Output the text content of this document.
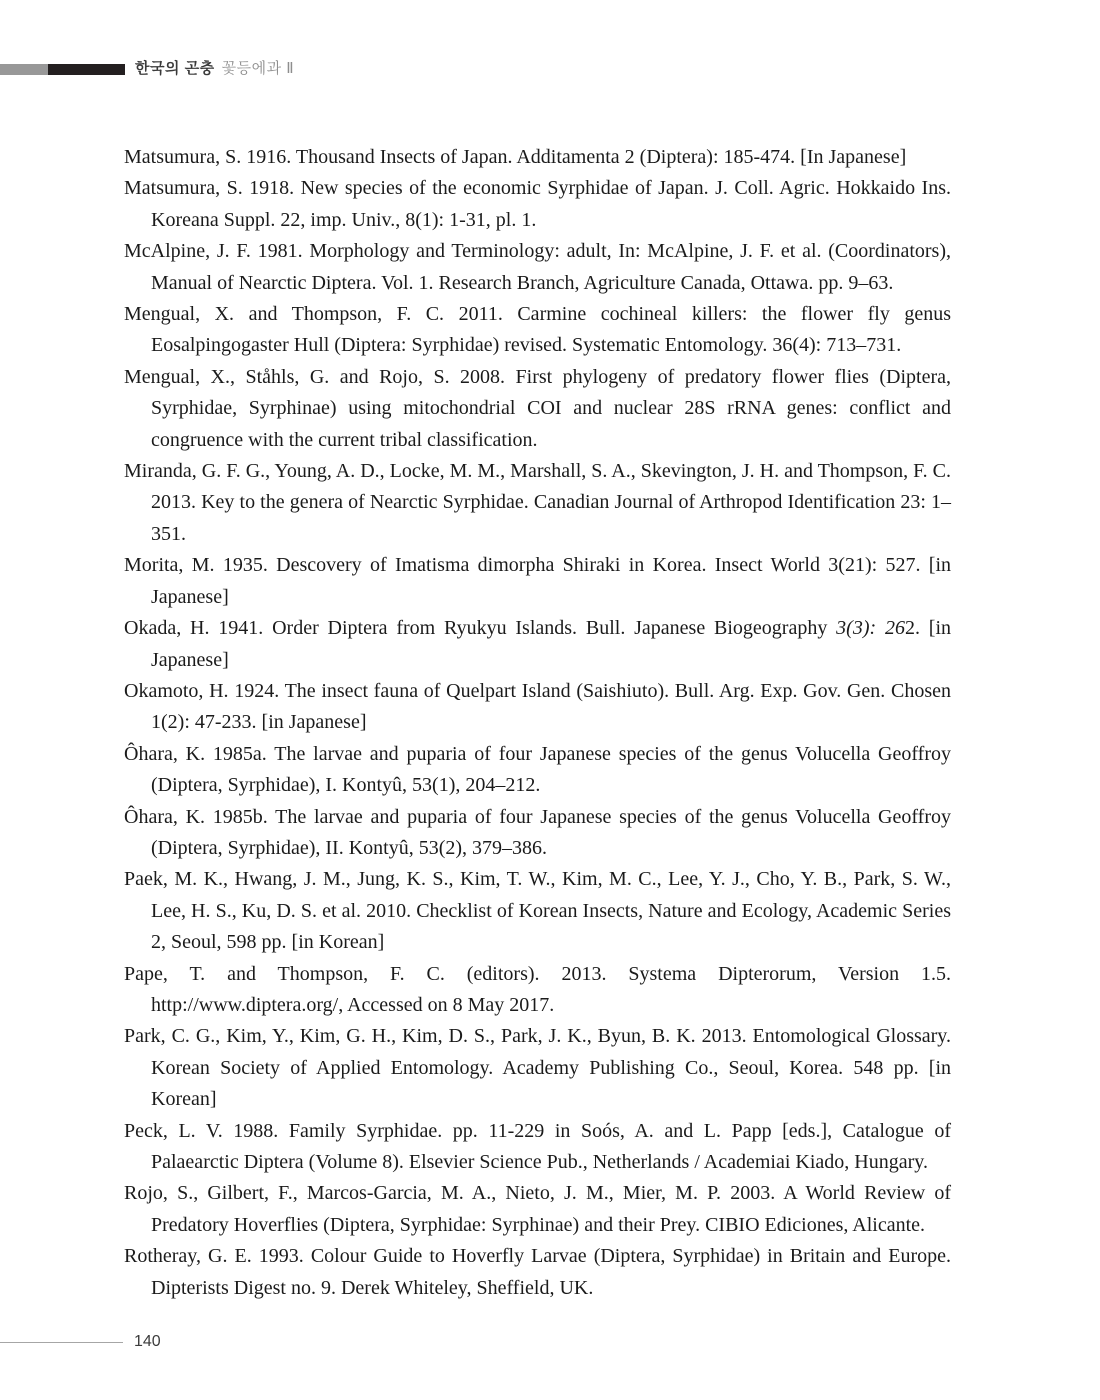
한국의 곤충 꽃등에과 Ⅱ

Matsumura, S. 1916. Thousand Insects of Japan. Additamenta 2 (Diptera): 185-474. [In Japanese]

Matsumura, S. 1918. New species of the economic Syrphidae of Japan. J. Coll. Agric. Hokkaido Ins. Koreana Suppl. 22, imp. Univ., 8(1): 1-31, pl. 1.

McAlpine, J. F. 1981. Morphology and Terminology: adult, In: McAlpine, J. F. et al. (Coordinators), Manual of Nearctic Diptera. Vol. 1. Research Branch, Agriculture Canada, Ottawa. pp. 9–63.

Mengual, X. and Thompson, F. C. 2011. Carmine cochineal killers: the flower fly genus Eosalpingogaster Hull (Diptera: Syrphidae) revised. Systematic Entomology. 36(4): 713–731.

Mengual, X., Ståhls, G. and Rojo, S. 2008. First phylogeny of predatory flower flies (Diptera, Syrphidae, Syrphinae) using mitochondrial COI and nuclear 28S rRNA genes: conflict and congruence with the current tribal classification.

Miranda, G. F. G., Young, A. D., Locke, M. M., Marshall, S. A., Skevington, J. H. and Thompson, F. C. 2013. Key to the genera of Nearctic Syrphidae. Canadian Journal of Arthropod Identification 23: 1–351.

Morita, M. 1935. Descovery of Imatisma dimorpha Shiraki in Korea. Insect World 3(21): 527. [in Japanese]

Okada, H. 1941. Order Diptera from Ryukyu Islands. Bull. Japanese Biogeography 3(3): 262. [in Japanese]

Okamoto, H. 1924. The insect fauna of Quelpart Island (Saishiuto). Bull. Arg. Exp. Gov. Gen. Chosen 1(2): 47-233. [in Japanese]

Ôhara, K. 1985a. The larvae and puparia of four Japanese species of the genus Volucella Geoffroy (Diptera, Syrphidae), I. Kontyû, 53(1), 204–212.

Ôhara, K. 1985b. The larvae and puparia of four Japanese species of the genus Volucella Geoffroy (Diptera, Syrphidae), II. Kontyû, 53(2), 379–386.

Paek, M. K., Hwang, J. M., Jung, K. S., Kim, T. W., Kim, M. C., Lee, Y. J., Cho, Y. B., Park, S. W., Lee, H. S., Ku, D. S. et al. 2010. Checklist of Korean Insects, Nature and Ecology, Academic Series 2, Seoul, 598 pp. [in Korean]

Pape, T. and Thompson, F. C. (editors). 2013. Systema Dipterorum, Version 1.5. http://www.diptera.org/, Accessed on 8 May 2017.

Park, C. G., Kim, Y., Kim, G. H., Kim, D. S., Park, J. K., Byun, B. K. 2013. Entomological Glossary. Korean Society of Applied Entomology. Academy Publishing Co., Seoul, Korea. 548 pp. [in Korean]

Peck, L. V. 1988. Family Syrphidae. pp. 11-229 in Soós, A. and L. Papp [eds.], Catalogue of Palaearctic Diptera (Volume 8). Elsevier Science Pub., Netherlands / Academiai Kiado, Hungary.

Rojo, S., Gilbert, F., Marcos-Garcia, M. A., Nieto, J. M., Mier, M. P. 2003. A World Review of Predatory Hoverflies (Diptera, Syrphidae: Syrphinae) and their Prey. CIBIO Ediciones, Alicante.

Rotheray, G. E. 1993. Colour Guide to Hoverfly Larvae (Diptera, Syrphidae) in Britain and Europe. Dipterists Digest no. 9. Derek Whiteley, Sheffield, UK.

140
